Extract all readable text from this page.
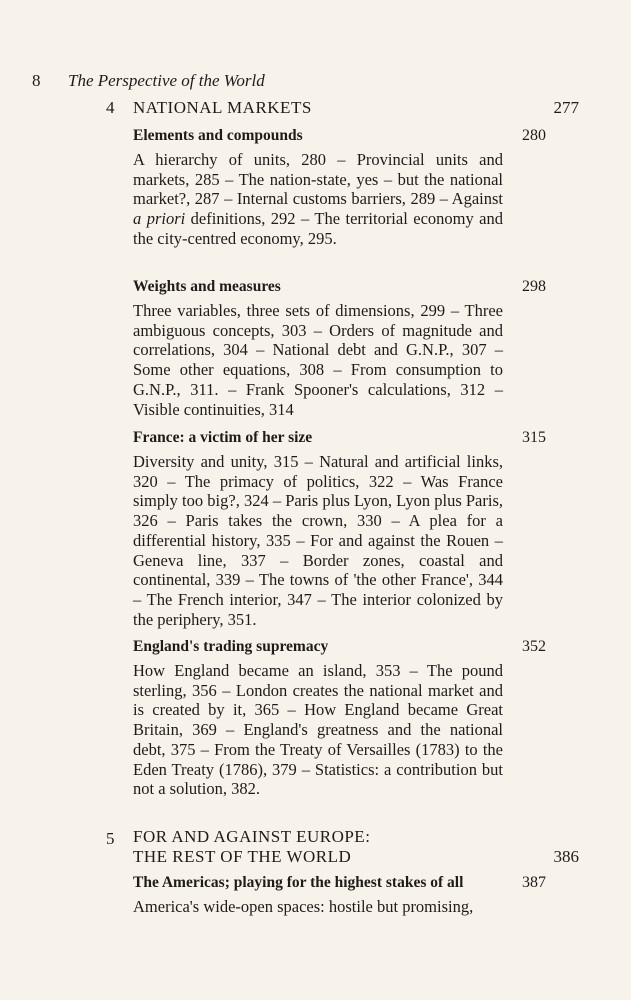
8 The Perspective of the World
4 NATIONAL MARKETS	277
Elements and compounds	280
A hierarchy of units, 280 – Provincial units and markets, 285 – The nation-state, yes – but the national market?, 287 – Internal customs barriers, 289 – Against a priori definitions, 292 – The territorial economy and the city-centred economy, 295.
Weights and measures	298
Three variables, three sets of dimensions, 299 – Three ambiguous concepts, 303 – Orders of magnitude and correlations, 304 – National debt and G.N.P., 307 – Some other equations, 308 – From consumption to G.N.P., 311. – Frank Spooner's calculations, 312 – Visible continuities, 314
France: a victim of her size	315
Diversity and unity, 315 – Natural and artificial links, 320 – The primacy of politics, 322 – Was France simply too big?, 324 – Paris plus Lyon, Lyon plus Paris, 326 – Paris takes the crown, 330 – A plea for a differential history, 335 – For and against the Rouen –Geneva line, 337 – Border zones, coastal and continental, 339 – The towns of 'the other France', 344 – The French interior, 347 – The interior colonized by the periphery, 351.
England's trading supremacy	352
How England became an island, 353 – The pound sterling, 356 – London creates the national market and is created by it, 365 – How England became Great Britain, 369 – England's greatness and the national debt, 375 – From the Treaty of Versailles (1783) to the Eden Treaty (1786), 379 – Statistics: a contribution but not a solution, 382.
5 FOR AND AGAINST EUROPE:
THE REST OF THE WORLD	386
The Americas; playing for the highest stakes of all	387
America's wide-open spaces: hostile but promising,
